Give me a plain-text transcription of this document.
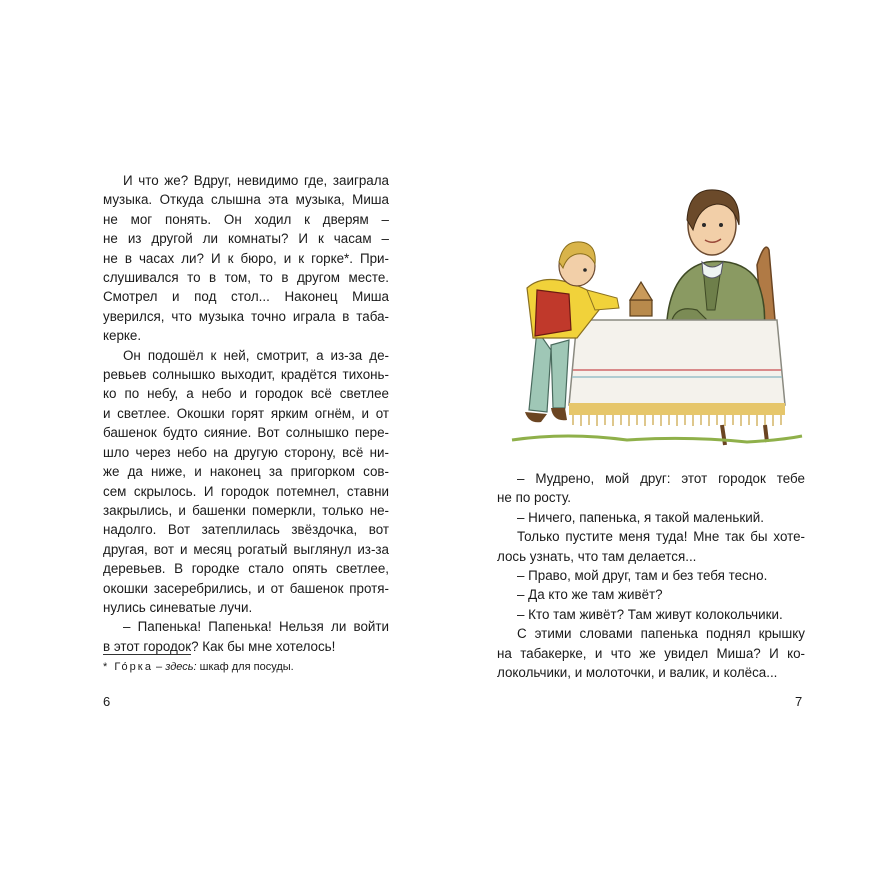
И что же? Вдруг, невидимо где, заиграла
музыка. Откуда слышна эта музыка, Миша
не мог понять. Он ходил к дверям –
не из другой ли комнаты? И к часам –
не в часах ли? И к бюро, и к горке*. При-
слушивался то в том, то в другом месте.
Смотрел и под стол... Наконец Миша
уверился, что музыка точно играла в таба-
керке.
Он подошёл к ней, смотрит, а из-за де-
ревьев солнышко выходит, крадётся тихонь-
ко по небу, а небо и городок всё светлее
и светлее. Окошки горят ярким огнём, и от
башенок будто сияние. Вот солнышко пере-
шло через небо на другую сторону, всё ни-
же да ниже, и наконец за пригорком сов-
сем скрылось. И городок потемнел, ставни
закрылись, и башенки померкли, только не-
надолго. Вот затеплилась звёздочка, вот
другая, вот и месяц рогатый выглянул из-за
деревьев. В городке стало опять светлее,
окошки засеребрились, и от башенок протя-
нулись синеватые лучи.
– Папенька! Папенька! Нельзя ли войти
в этот городок? Как бы мне хотелось!
* Го́рка – здесь: шкаф для посуды.
6
– Мудрено, мой друг: этот городок тебе
не по росту.
– Ничего, папенька, я такой маленький.
Только пустите меня туда! Мне так бы хоте-
лось узнать, что там делается...
– Право, мой друг, там и без тебя тесно.
– Да кто же там живёт?
– Кто там живёт? Там живут колокольчики.
С этими словами папенька поднял крышку
на табакерке, и что же увидел Миша? И ко-
локольчики, и молоточки, и валик, и колёса...
7
